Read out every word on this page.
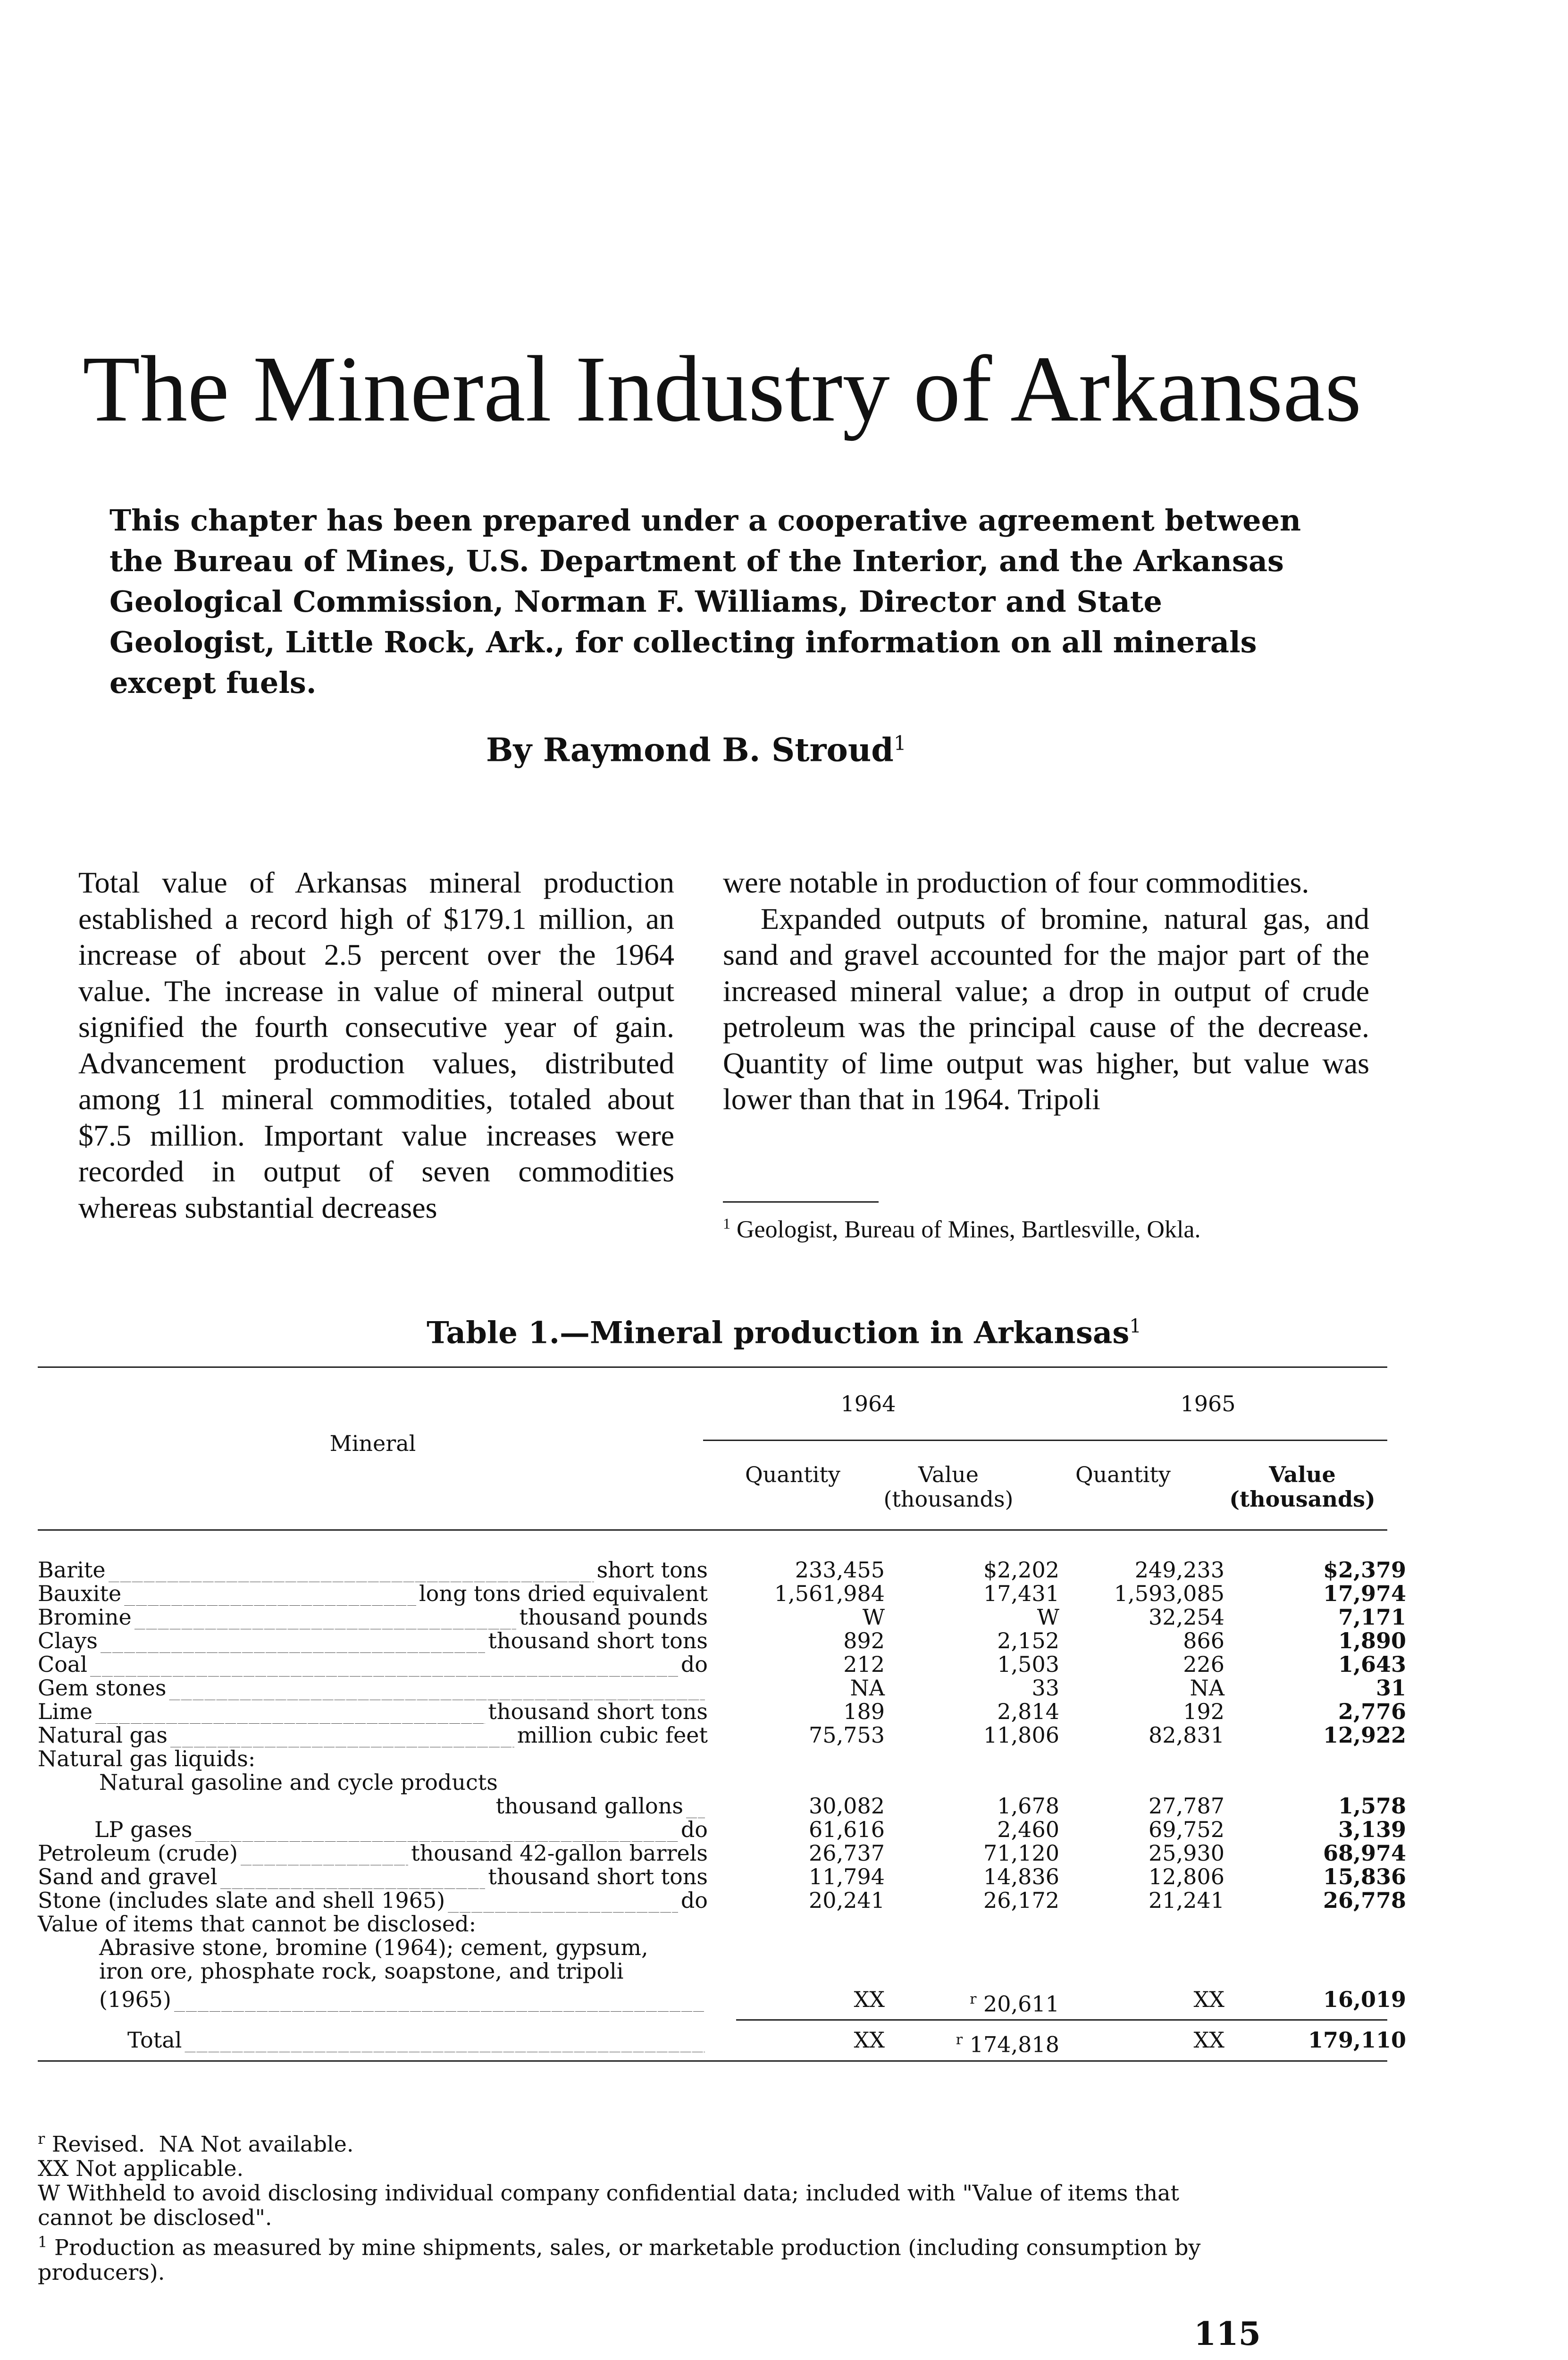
The Mineral Industry of Arkansas
This chapter has been prepared under a cooperative agreement between the Bureau of Mines, U.S. Department of the Interior, and the Arkansas Geological Commission, Norman F. Williams, Director and State Geologist, Little Rock, Ark., for collecting information on all minerals except fuels.
By Raymond B. Stroud$^1$

Total value of Arkansas mineral production established a record high of $179.1 million, an increase of about 2.5 percent over the 1964 value. The increase in value of mineral output signified the fourth consecutive year of gain. Advancement production values, distributed among 11 mineral commodities, totaled about $7.5 million. Important value increases were recorded in output of seven commodities whereas substantial decreases

were notable in production of four commodities.

Expanded outputs of bromine, natural gas, and sand and gravel accounted for the major part of the increased mineral value; a drop in output of crude petroleum was the principal cause of the decrease. Quantity of lime output was higher, but value was lower than that in 1964. Tripoli

$^1$ Geologist, Bureau of Mines, Bartlesville, Okla.
Table 1.—Mineral production in Arkansas$^1$
Mineral
1964	1965
Quantity	Value
(thousands)
Quantity	Value
(thousands)
Barite _____	short tons	233,455	$2,202	249,233	$2,379
Bauxite _____	long tons dried equivalent	1,561,984	17,431	1,593,085	17,974
Bromine _____	thousand pounds	W	W	32,254	7,171
Clays _____	thousand short tons	892	2,152	866	1,890
Coal _____	do	212	1,503	226	1,643
Gem stones _____	NA	33	NA	31
Lime _____	thousand short tons	189	2,814	192	2,776
Natural gas _____	million cubic feet	75,753	11,806	82,831	12,922
Natural gas liquids:
Natural gasoline and cycle products
thousand gallons _____	30,082	1,678	27,787	1,578
LP gases _____	do	61,616	2,460	69,752	3,139
Petroleum (crude) _____	thousand 42-gallon barrels	26,737	71,120	25,930	68,974
Sand and gravel _____	thousand short tons	11,794	14,836	12,806	15,836
Stone (includes slate and shell 1965) _____	do	20,241	26,172	21,241	26,778
Value of items that cannot be disclosed:
Abrasive stone, bromine (1964); cement, gypsum,
iron ore, phosphate rock, soapstone, and tripoli
(1965) _____	XX	$^r$ 20,611	XX	16,019
Total _____	XX	$^r$ 174,818	XX	179,110
$^r$ Revised. NA Not available.
XX Not applicable.
W Withheld to avoid disclosing individual company confidential data; included with "Value of items that
cannot be disclosed".
$^1$ Production as measured by mine shipments, sales, or marketable production (including consumption by
producers).
115
